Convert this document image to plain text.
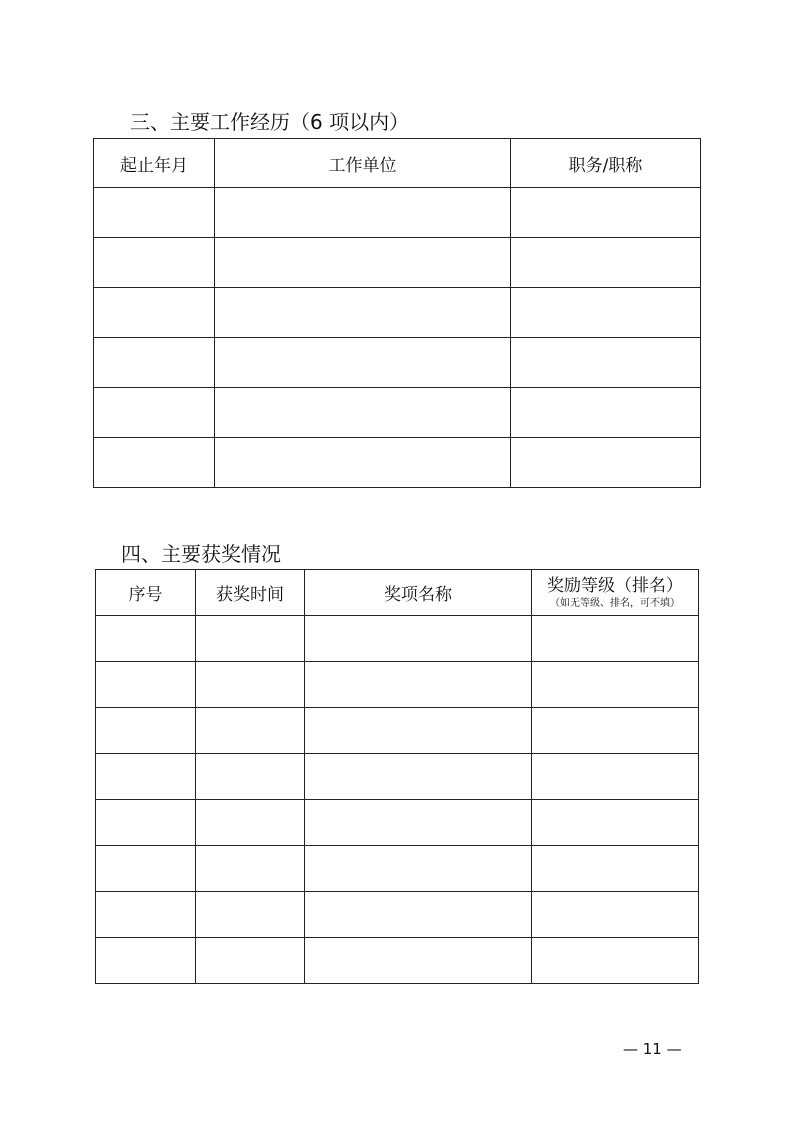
三、主要工作经历（6 项以内）
起止年月	工作单位	职务/职称

四、主要获奖情况
序号	获奖时间	奖项名称	奖励等级（排名）
（如无等级、排名，可不填）

— 11 —
